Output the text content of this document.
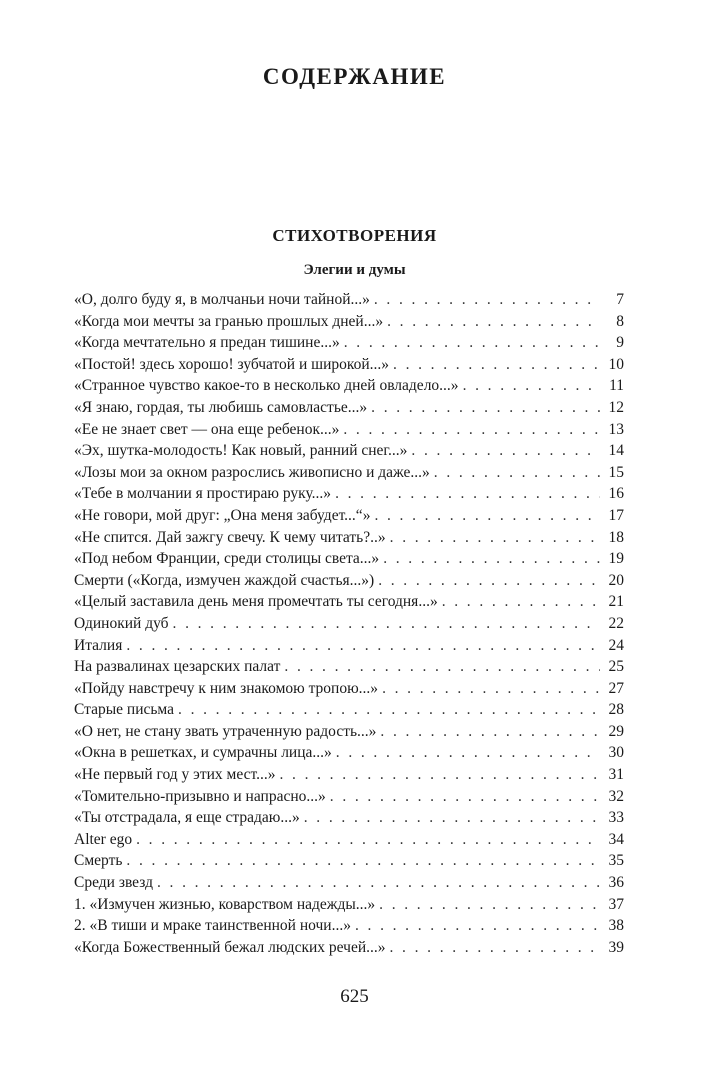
СОДЕРЖАНИЕ
СТИХОТВОРЕНИЯ
Элегии и думы
«О, долго буду я, в молчаньи ночи тайной...» . . .	7
«Когда мои мечты за гранью прошлых дней...» . . .	8
«Когда мечтательно я предан тишине...» . . .	9
«Постой! здесь хорошо! зубчатой и широкой...» . . .	10
«Странное чувство какое-то в несколько дней овладело...» . . .	11
«Я знаю, гордая, ты любишь самовластье...» . . .	12
«Ее не знает свет — она еще ребенок...» . . .	13
«Эх, шутка-молодость! Как новый, ранний снег...» . . .	14
«Лозы мои за окном разрослись живописно и даже...» . . .	15
«Тебе в молчании я простираю руку...» . . .	16
«Не говори, мой друг: „Она меня забудет...“» . . .	17
«Не спится. Дай зажгу свечу. К чему читать?..» . . .	18
«Под небом Франции, среди столицы света...» . . .	19
Смерти («Когда, измучен жаждой счастья...») . . .	20
«Целый заставила день меня промечтать ты сегодня...» . . .	21
Одинокий дуб . . .	22
Италия . . .	24
На развалинах цезарских палат . . .	25
«Пойду навстречу к ним знакомою тропою...» . . .	27
Старые письма . . .	28
«О нет, не стану звать утраченную радость...» . . .	29
«Окна в решетках, и сумрачны лица...» . . .	30
«Не первый год у этих мест...» . . .	31
«Томительно-призывно и напрасно...» . . .	32
«Ты отстрадала, я еще страдаю...» . . .	33
Alter ego . . .	34
Смерть . . .	35
Среди звезд . . .	36
1. «Измучен жизнью, коварством надежды...» . . .	37
2. «В тиши и мраке таинственной ночи...» . . .	38
«Когда Божественный бежал людских речей...» . . .	39
625
